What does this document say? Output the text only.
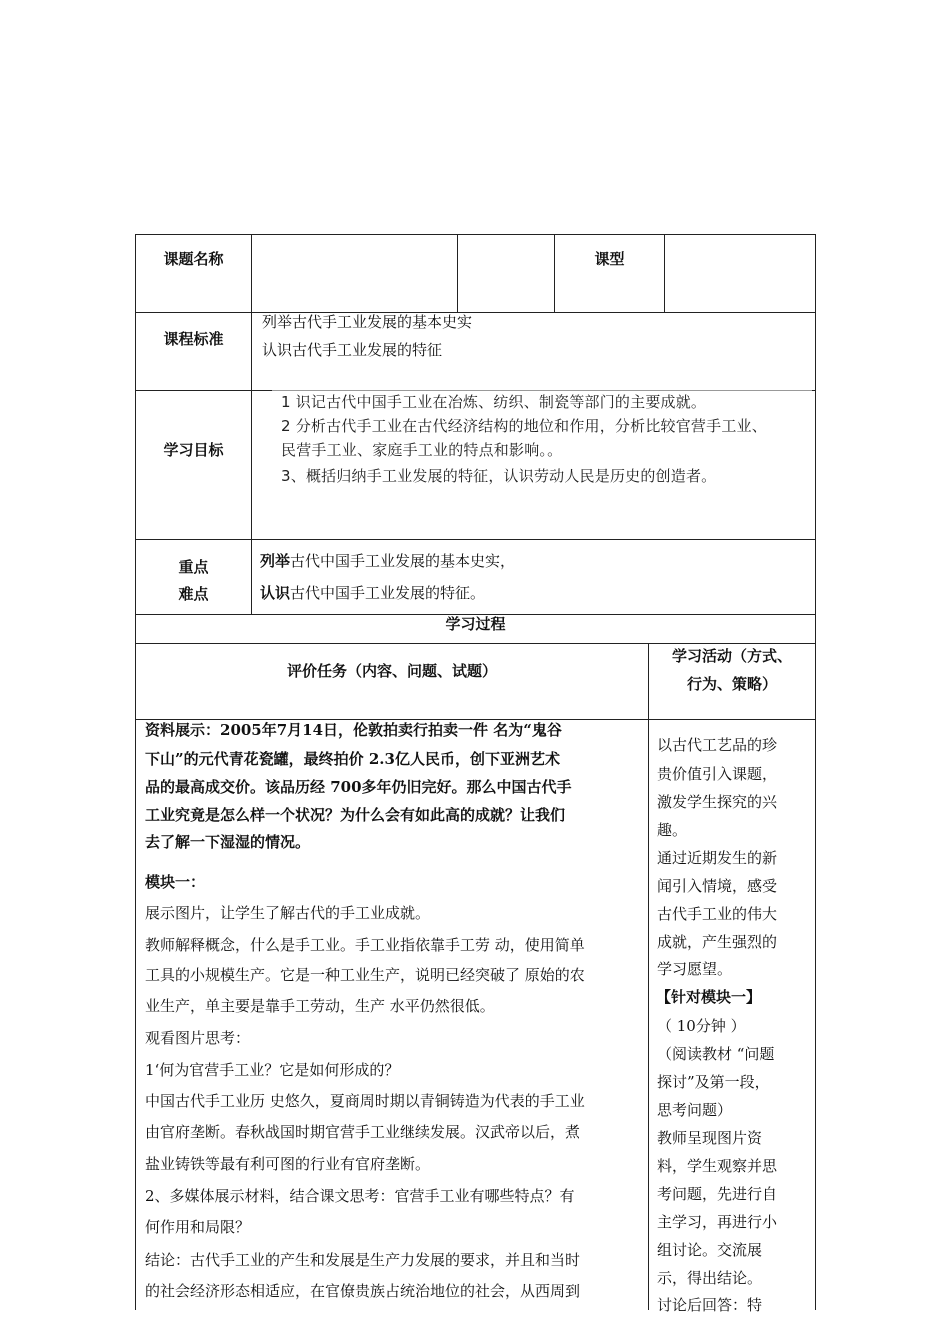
课题名称	课型
课程标准
列举古代手工业发展的基本史实
认识古代手工业发展的特征
学习目标
1 识记古代中国手工业在冶炼、纺织、制瓷等部门的主要成就。
2 分析古代手工业在古代经济结构的地位和作用，分析比较官营手工业、
民营手工业、家庭手工业的特点和影响。。
3、概括归纳手工业发展的特征，认识劳动人民是历史的创造者。
重点
难点
列举古代中国手工业发展的基本史实，
认识古代中国手工业发展的特征。
学习过程
评价任务（内容、问题、试题）
学习活动（方式、
行为、策略）
资料展示：2005年7月14日，伦敦拍卖行拍卖一件 名为“鬼谷
下山”的元代青花瓷罐，最终拍价 2.3亿人民币，创下亚洲艺术
品的最高成交价。该品历经 700多年仍旧完好。那么中国古代手
工业究竟是怎么样一个状况？为什么会有如此高的成就？让我们
去了解一下湿湿的情况。
模块一：
展示图片，让学生了解古代的手工业成就。
教师解释概念，什么是手工业。手工业指依靠手工劳 动，使用简单
工具的小规模生产。它是一种工业生产，说明已经突破了 原始的农
业生产，单主要是靠手工劳动，生产 水平仍然很低。
观看图片思考：
1‘何为官营手工业？它是如何形成的？
中国古代手工业历 史悠久，夏商周时期以青铜铸造为代表的手工业
由官府垄断。春秋战国时期官营手工业继续发展。汉武帝以后，煮
盐业铸铁等最有利可图的行业有官府垄断。
2、多媒体展示材料，结合课文思考：官营手工业有哪些特点？有
何作用和局限？
结论：古代手工业的产生和发展是生产力发展的要求，并且和当时
的社会经济形态相适应，在官僚贵族占统治地位的社会，从西周到
以古代工艺品的珍
贵价值引入课题，
激发学生探究的兴
趣。
通过近期发生的新
闻引入情境，感受
古代手工业的伟大
成就，产生强烈的
学习愿望。
【针对模块一】
（ 10分钟 ）
（阅读教材 “问题
探讨”及第一段，
思考问题）
教师呈现图片资
料，学生观察并思
考问题，先进行自
主学习，再进行小
组讨论。交流展
示，得出结论。
讨论后回答：特
